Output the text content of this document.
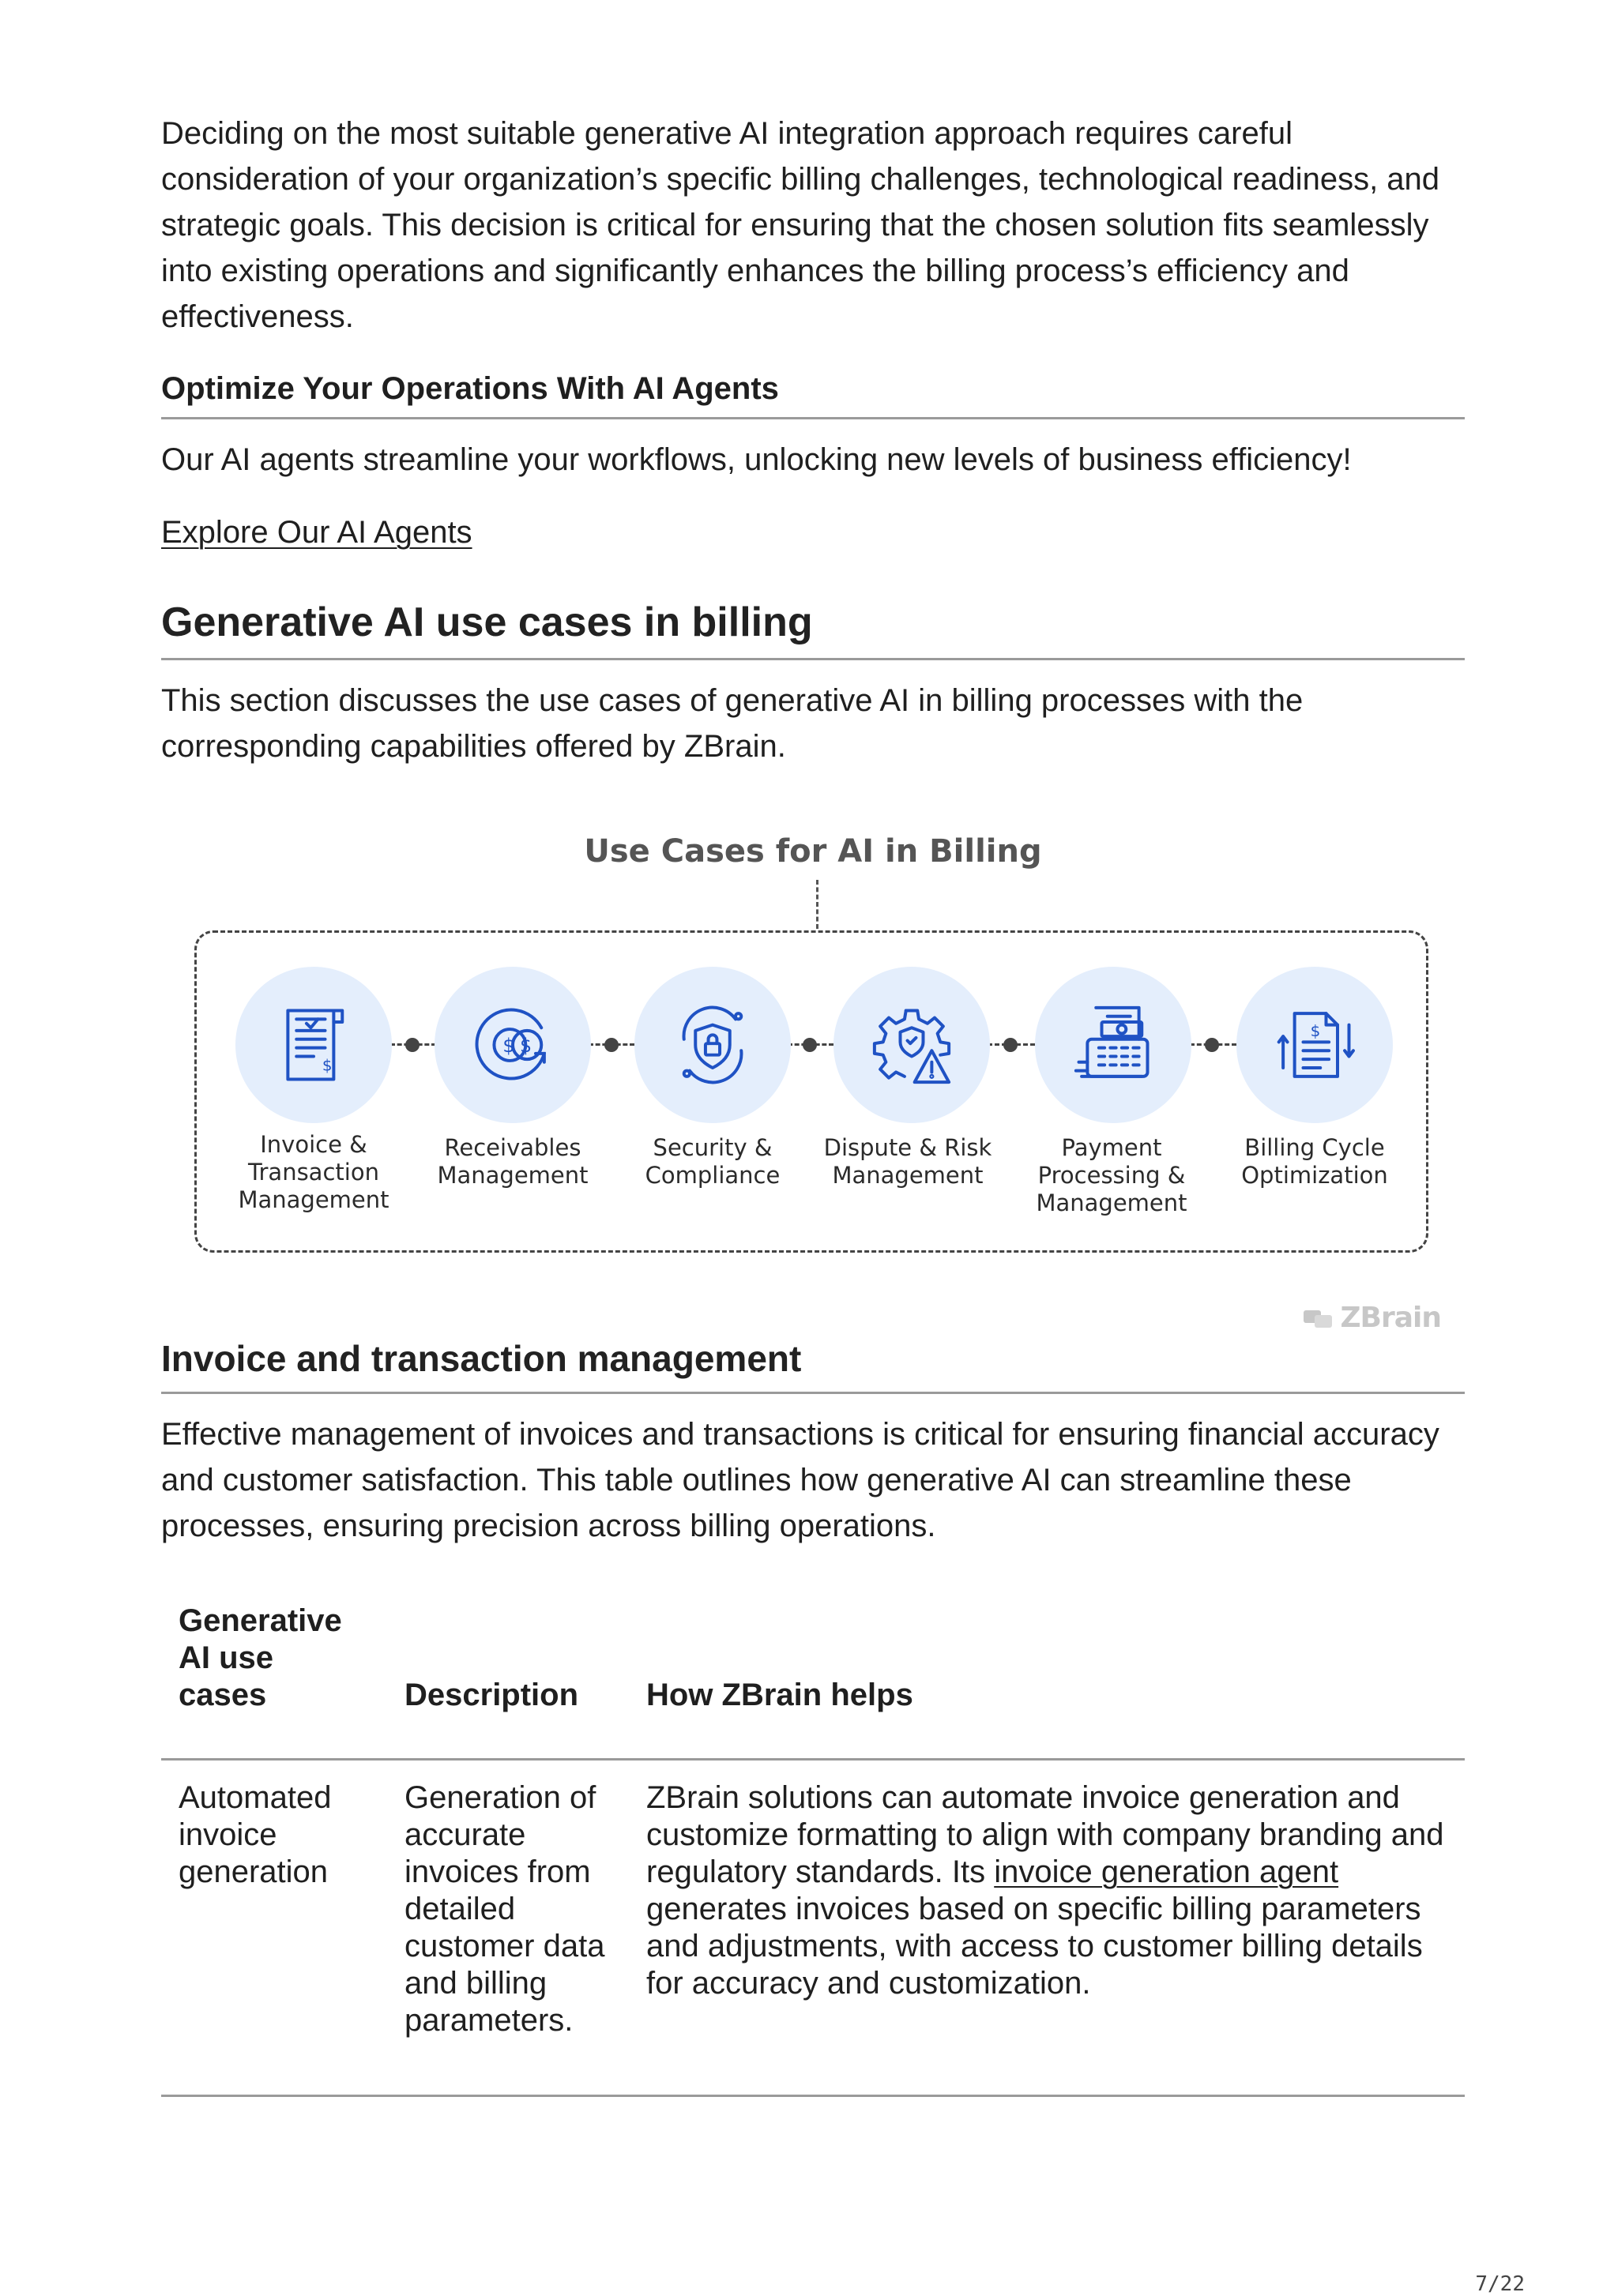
Deciding on the most suitable generative AI integration approach requires careful consideration of your organization’s specific billing challenges, technological readiness, and strategic goals. This decision is critical for ensuring that the chosen solution fits seamlessly into existing operations and significantly enhances the billing process’s efficiency and effectiveness.

Optimize Your Operations With AI Agents

Our AI agents streamline your workflows, unlocking new levels of business efficiency!

Explore Our AI Agents
Generative AI use cases in billing

This section discusses the use cases of generative AI in billing processes with the corresponding capabilities offered by ZBrain.

Use Cases for AI in Billing
$
$ $
$
Invoice & Transaction Management
Receivables Management
Security & Compliance
Dispute & Risk Management
Payment Processing & Management
Billing Cycle Optimization
ZBrain
Invoice and transaction management

Effective management of invoices and transactions is critical for ensuring financial accuracy and customer satisfaction. This table outlines how generative AI can streamline these processes, ensuring precision across billing operations.

Generative AI use cases	Description	How ZBrain helps
Automated invoice generation	Generation of accurate invoices from detailed customer data and billing parameters.	ZBrain solutions can automate invoice generation and customize formatting to align with company branding and regulatory standards. Its invoice generation agent generates invoices based on specific billing parameters and adjustments, with access to customer billing details for accuracy and customization.
7/22
